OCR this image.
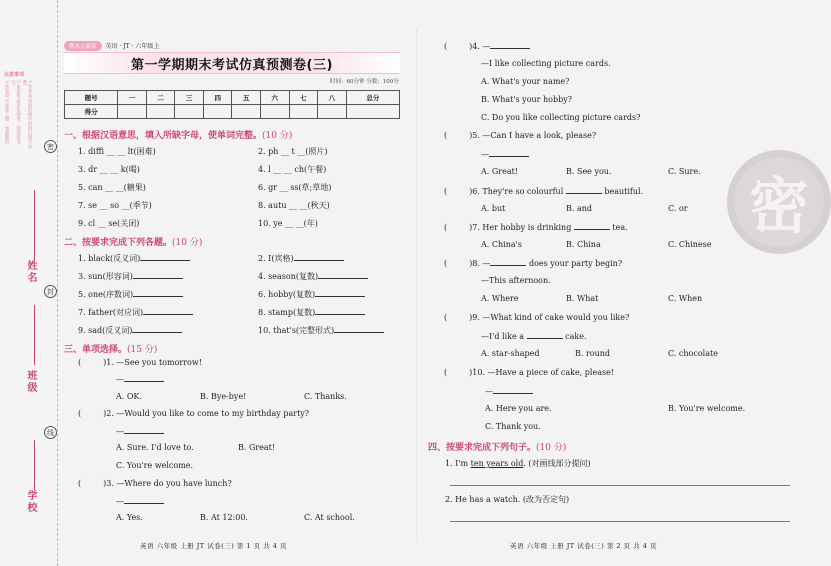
注意事项
1.答卷前将密封线内的项目填写清楚。
2.用蓝色或黑色钢笔、圆珠笔书写。
3.答卷时字迹要工整，卷面整洁。	密
封
线
姓名
班级
学校
期末大赢家	英语 · JT · 六年级上
第一学期期末考试仿真预测卷(三)
时间：60分钟 分数：100分
题号	一	二	三	四	五	六	七	八	总分
得分									
一、根据汉语意思，填入所缺字母，使单词完整。(10 分)
1. diffi __ __ lt(困难)	2. ph __ t __(照片)
3. dr __ __ k(喝)	4. l __ __ ch(午餐)
5. can __ __(糖果)	6. gr __ ss(草;草地)
7. se __ so __(季节)	8. autu __ __(秋天)
9. cl __ se(关闭)	10. ye __ __(年)
二、按要求完成下列各题。(10 分)
1. black(反义词)	2. I(宾格)
3. sun(形容词)	4. season(复数)
5. one(序数词)	6. hobby(复数)
7. father(对应词)	8. stamp(复数)
9. sad(反义词)	10. that's(完整形式)
三、单项选择。(15 分)
(	)1. —See you tomorrow!
—
A. OK.	B. Bye-bye!	C. Thanks.
(	)2. —Would you like to come to my birthday party?
—
A. Sure. I'd love to.	B. Great!
C. You're welcome.
(	)3. —Where do you have lunch?
—
A. Yes.	B. At 12:00.	C. At school.
英语 六年级 上册 JT 试卷(三) 第 1 页 共 4 页
(	)4. —
—I like collecting picture cards.
A. What's your name?
B. What's your hobby?
C. Do you like collecting picture cards?
(	)5. —Can I have a look, please?
—
A. Great!	B. See you.	C. Sure.
(	)6. They're so colourful	beautiful.
A. but	B. and	C. or
(	)7. Her hobby is drinking	tea.
A. China's	B. China	C. Chinese
(	)8. —	does your party begin?
—This afternoon.
A. Where	B. What	C. When
(	)9. —What kind of cake would you like?
—I'd like a	cake.
A. star-shaped	B. round	C. chocolate
(	)10. —Have a piece of cake, please!
—
A. Here you are.	B. You're welcome.
C. Thank you.
四、按要求完成下列句子。(10 分)
1. I'm ten years old. (对画线部分提问)
2. He has a watch. (改为否定句)
英语 六年级 上册 JT 试卷(三) 第 2 页 共 4 页
密
